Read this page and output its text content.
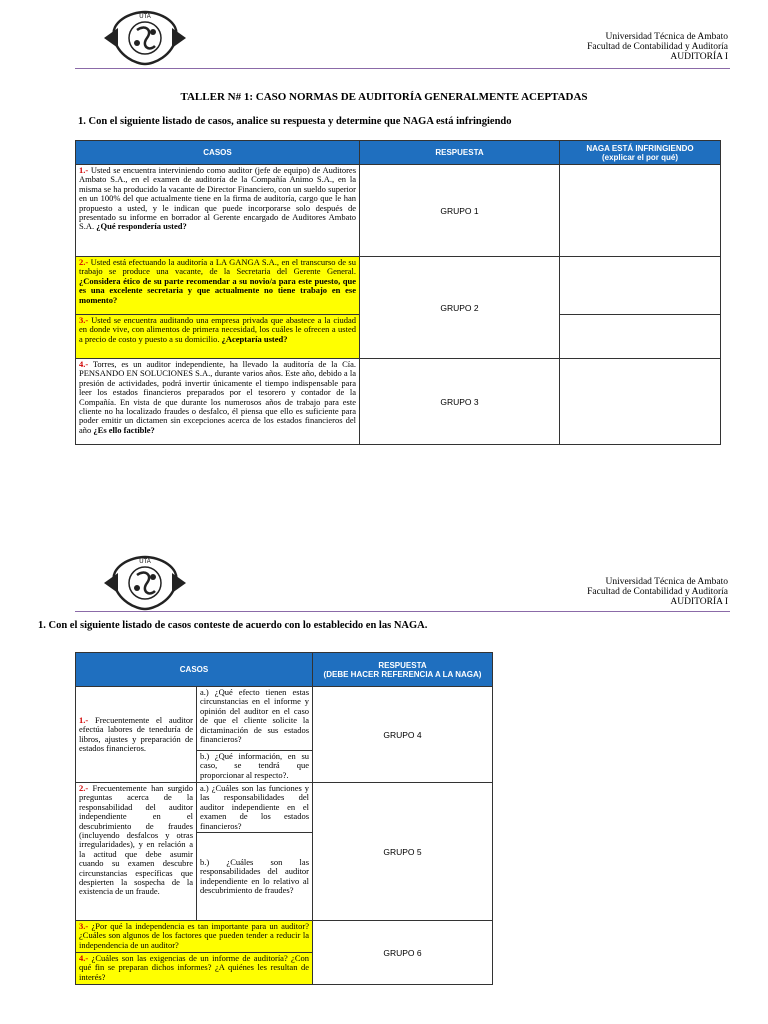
UTA
Universidad Técnica de Ambato
Facultad de Contabilidad y Auditoría
AUDITORÍA I
TALLER N# 1: CASO NORMAS DE AUDITORÍA GENERALMENTE ACEPTADAS
1. Con el siguiente listado de casos, analice su respuesta y determine que NAGA está infringiendo
CASOS	RESPUESTA	NAGA ESTÁ INFRINGIENDO
(explicar el por qué)

1.- Usted se encuentra interviniendo como auditor (jefe de equipo) de Auditores Ambato S.A., en el examen de auditoría de la Compañía Animo S.A., en la misma se ha producido la vacante de Director Financiero, con un sueldo superior en un 100% del que actualmente tiene en la firma de auditoría, cargo que le han propuesto a usted, y le indican que puede incorporarse solo después de presentado su informe en borrador al Gerente encargado de Auditores Ambato S.A. ¿Qué respondería usted?	GRUPO 1	
2.- Usted está efectuando la auditoría a LA GANGA S.A., en el transcurso de su trabajo se produce una vacante, de la Secretaria del Gerente General. ¿Considera ético de su parte recomendar a su novio/a para este puesto, que es una excelente secretaria y que actualmente no tiene trabajo en ese momento?	GRUPO 2	
3.- Usted se encuentra auditando una empresa privada que abastece a la ciudad en donde vive, con alimentos de primera necesidad, los cuáles le ofrecen a usted a precio de costo y puesto a su domicilio. ¿Aceptaría usted?		
4.- Torres, es un auditor independiente, ha llevado la auditoría de la Cía. PENSANDO EN SOLUCIONES S.A., durante varios años. Este año, debido a la presión de actividades, podrá invertir únicamente el tiempo indispensable para leer los estados financieros preparados por el tesorero y contador de la Compañía. En vista de que durante los numerosos años de trabajo para este cliente no ha localizado fraudes o desfalco, él piensa que ello es suficiente para poder emitir un dictamen sin excepciones acerca de los estados financieros del año ¿Es ello factible?	GRUPO 3	
UTA
Universidad Técnica de Ambato
Facultad de Contabilidad y Auditoría
AUDITORÍA I
1. Con el siguiente listado de casos conteste de acuerdo con lo establecido en las NAGA.
CASOS		RESPUESTA
(DEBE HACER REFERENCIA A LA NAGA)

1.- Frecuentemente el auditor efectúa labores de teneduría de libros, ajustes y preparación de estados financieros.	a.) ¿Qué efecto tienen estas circunstancias en el informe y opinión del auditor en el caso de que el cliente solicite la dictaminación de sus estados financieros?	GRUPO 4
	b.) ¿Qué información, en su caso, se tendrá que proporcionar al respecto?.	
2.- Frecuentemente han surgido preguntas acerca de la responsabilidad del auditor independiente en el descubrimiento de fraudes (incluyendo desfalcos y otras irregularidades), y en relación a la actitud que debe asumir cuando su examen descubre circunstancias específicas que despierten la sospecha de la existencia de un fraude.	a.) ¿Cuáles son las funciones y las responsabilidades del auditor independiente en el examen de los estados financieros?	GRUPO 5
	b.) ¿Cuáles son las responsabilidades del auditor independiente en lo relativo al descubrimiento de fraudes?	
3.- ¿Por qué la independencia es tan importante para un auditor? ¿Cuáles son algunos de los factores que pueden tender a reducir la independencia de un auditor?		GRUPO 6
4.- ¿Cuáles son las exigencias de un informe de auditoría? ¿Con qué fin se preparan dichos informes? ¿A quiénes les resultan de interés?		
